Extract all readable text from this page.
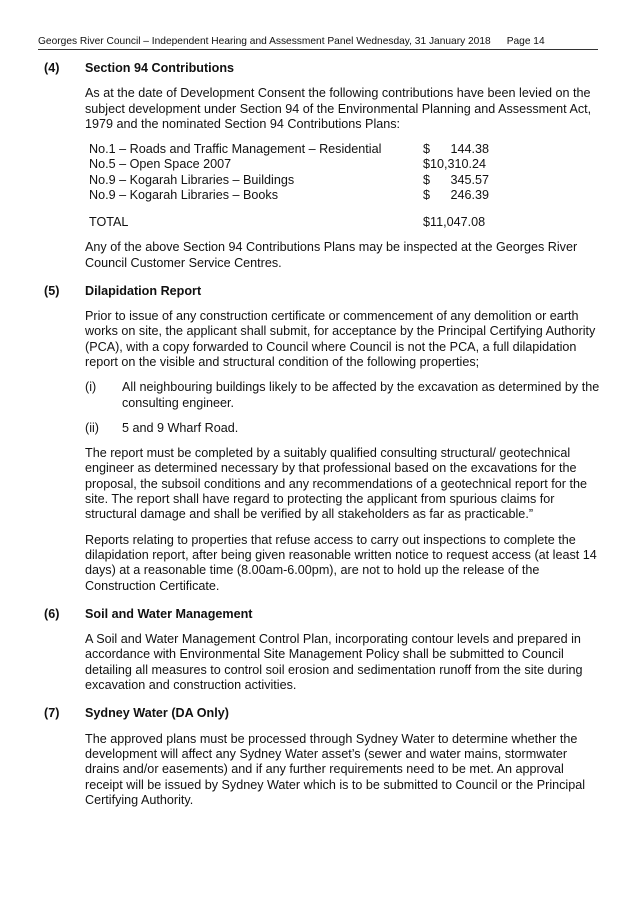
Georges River Council – Independent Hearing and Assessment Panel Wednesday, 31 January 2018 Page 14
(4)	Section 94 Contributions

As at the date of Development Consent the following contributions have been levied on the subject development under Section 94 of the Environmental Planning and Assessment Act, 1979 and the nominated Section 94 Contributions Plans:

No.1 – Roads and Traffic Management – Residential	$	144.38
No.5 – Open Space 2007	$10,310.24	
No.9 – Kogarah Libraries – Buildings	$	345.57
No.9 – Kogarah Libraries – Books	$	246.39

TOTAL	$11,047.08	

Any of the above Section 94 Contributions Plans may be inspected at the Georges River Council Customer Service Centres.

(5)	Dilapidation Report

Prior to issue of any construction certificate or commencement of any demolition or earth works on site, the applicant shall submit, for acceptance by the Principal Certifying Authority (PCA), with a copy forwarded to Council where Council is not the PCA, a full dilapidation report on the visible and structural condition of the following properties;

(i)	All neighbouring buildings likely to be affected by the excavation as determined by the consulting engineer.
(ii)	5 and 9 Wharf Road.

The report must be completed by a suitably qualified consulting structural/ geotechnical engineer as determined necessary by that professional based on the excavations for the proposal, the subsoil conditions and any recommendations of a geotechnical report for the site. The report shall have regard to protecting the applicant from spurious claims for structural damage and shall be verified by all stakeholders as far as practicable.”

Reports relating to properties that refuse access to carry out inspections to complete the dilapidation report, after being given reasonable written notice to request access (at least 14 days) at a reasonable time (8.00am-6.00pm), are not to hold up the release of the Construction Certificate.

(6)	Soil and Water Management

A Soil and Water Management Control Plan, incorporating contour levels and prepared in accordance with Environmental Site Management Policy shall be submitted to Council detailing all measures to control soil erosion and sedimentation runoff from the site during excavation and construction activities.

(7)	Sydney Water (DA Only)

The approved plans must be processed through Sydney Water to determine whether the development will affect any Sydney Water asset’s (sewer and water mains, stormwater drains and/or easements) and if any further requirements need to be met. An approval receipt will be issued by Sydney Water which is to be submitted to Council or the Principal Certifying Authority.
